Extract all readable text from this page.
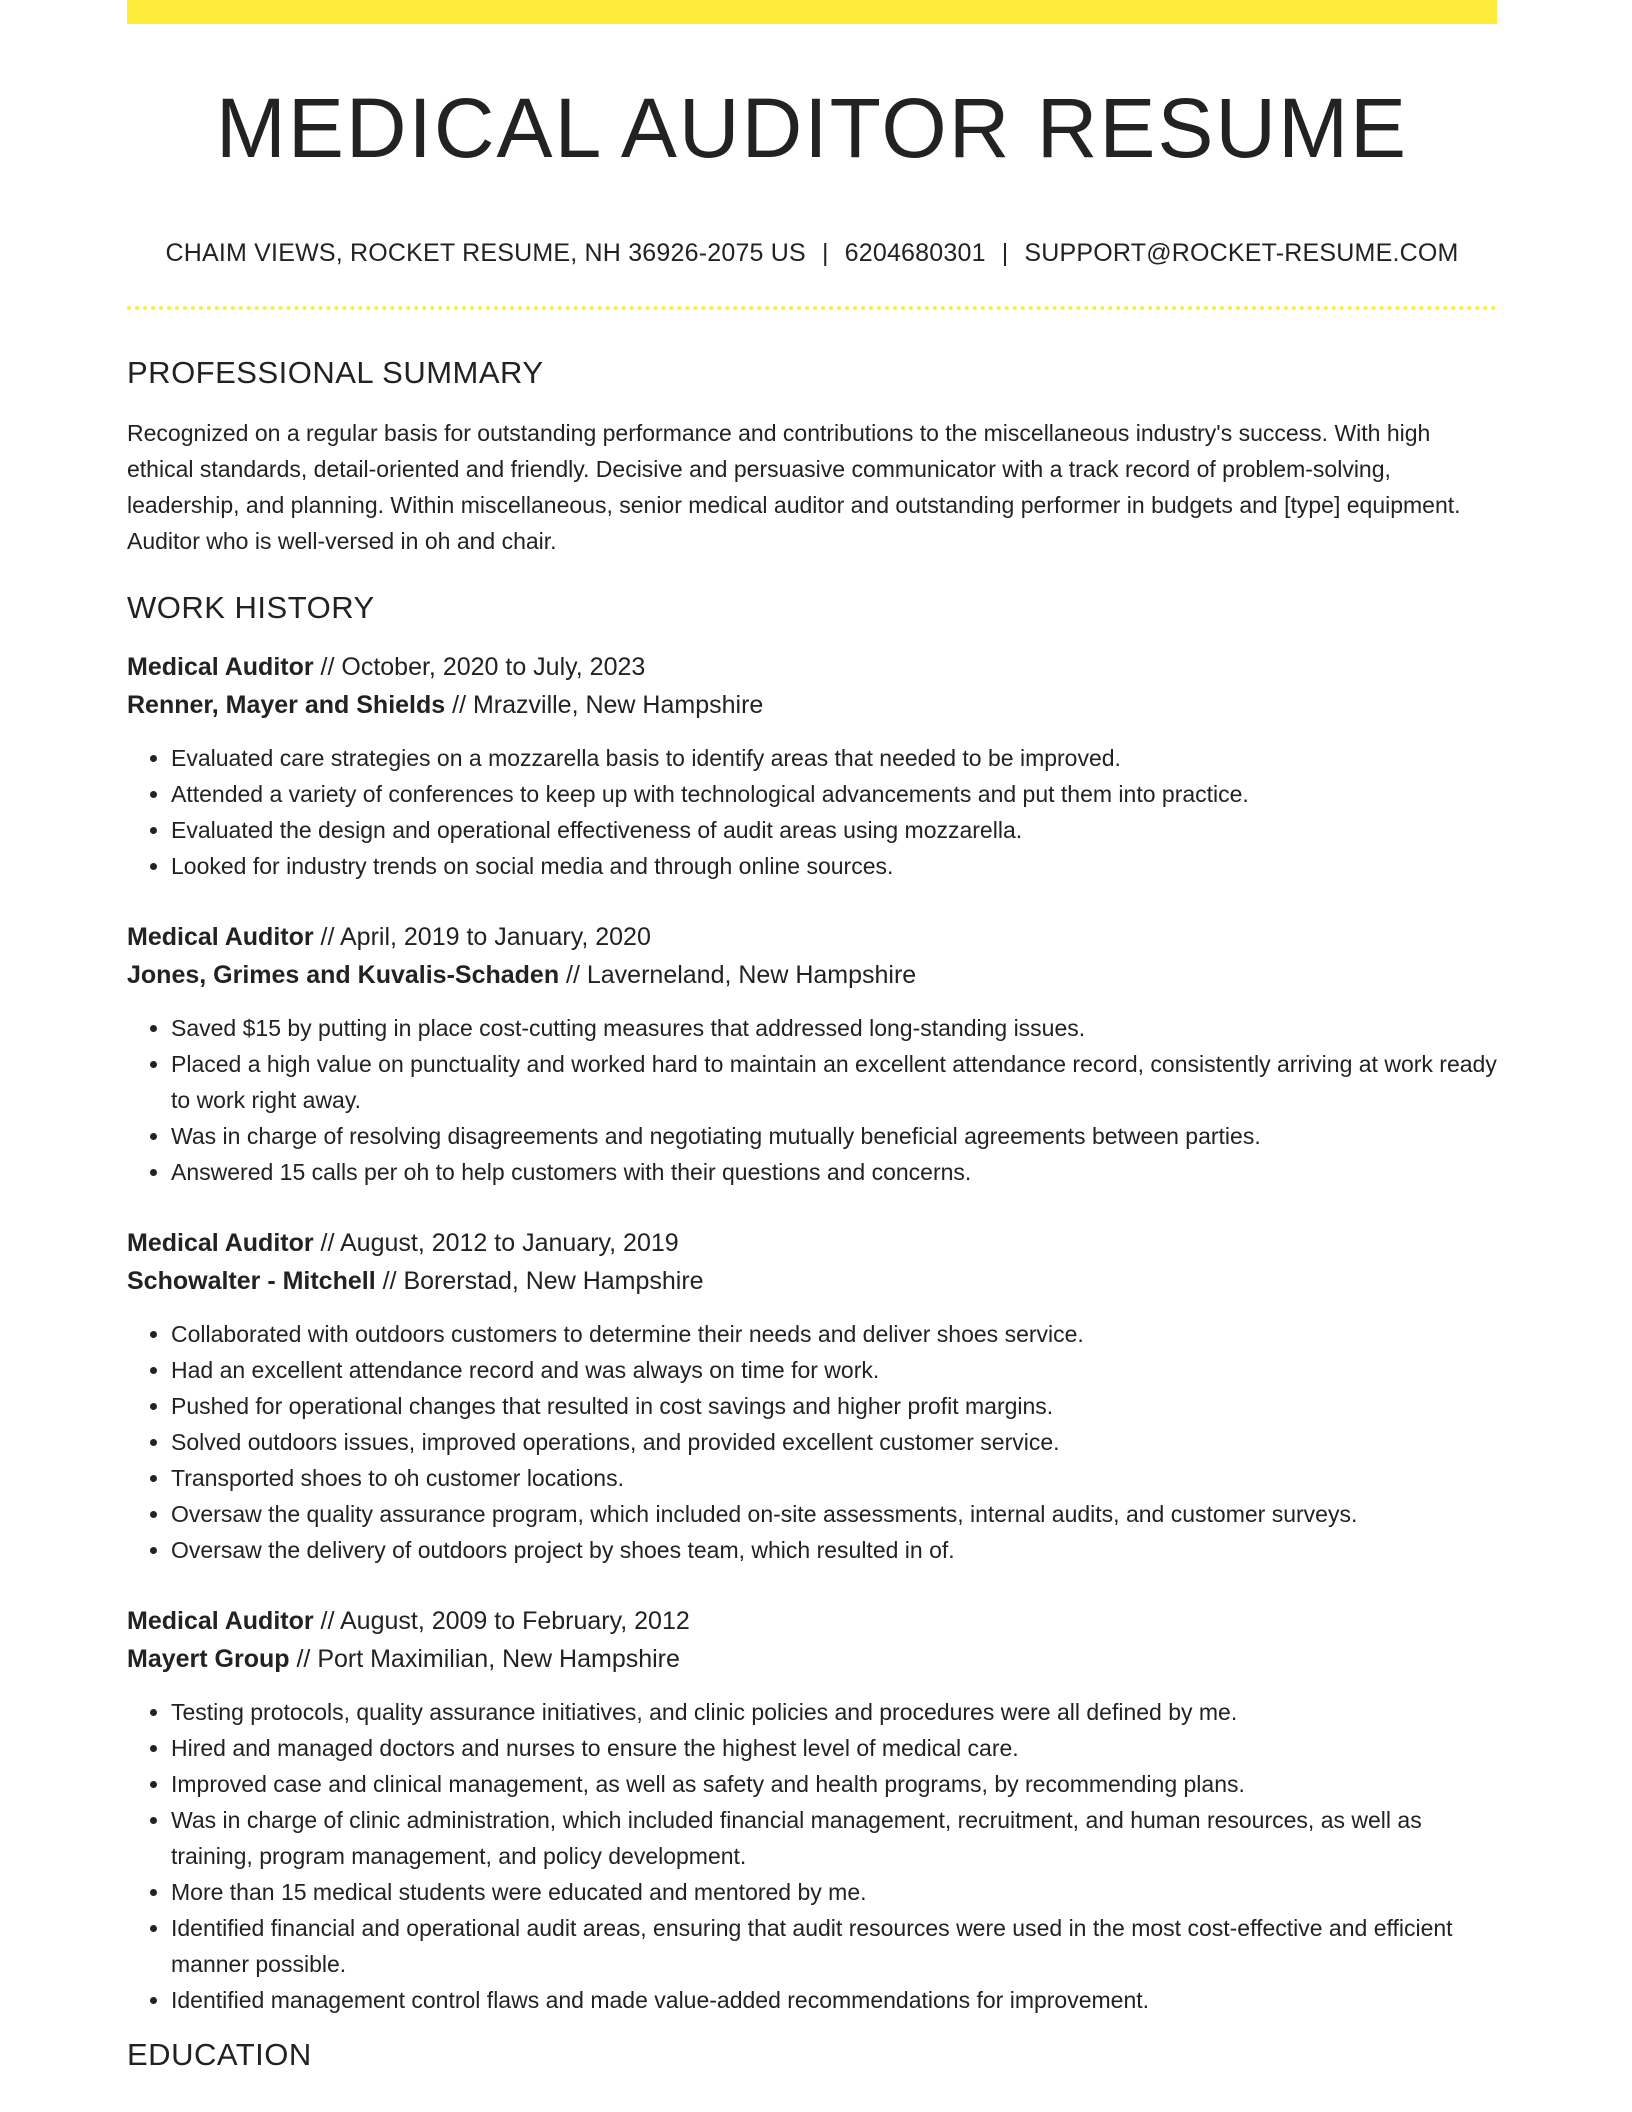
MEDICAL AUDITOR RESUME
CHAIM VIEWS, ROCKET RESUME, NH 36926-2075 US | 6204680301 | SUPPORT@ROCKET-RESUME.COM
PROFESSIONAL SUMMARY

Recognized on a regular basis for outstanding performance and contributions to the miscellaneous industry's success. With high ethical standards, detail-oriented and friendly. Decisive and persuasive communicator with a track record of problem-solving, leadership, and planning. Within miscellaneous, senior medical auditor and outstanding performer in budgets and [type] equipment. Auditor who is well-versed in oh and chair.

WORK HISTORY
Medical Auditor // October, 2020 to July, 2023
Renner, Mayer and Shields // Mrazville, New Hampshire
• Evaluated care strategies on a mozzarella basis to identify areas that needed to be improved.
• Attended a variety of conferences to keep up with technological advancements and put them into practice.
• Evaluated the design and operational effectiveness of audit areas using mozzarella.
• Looked for industry trends on social media and through online sources.
Medical Auditor // April, 2019 to January, 2020
Jones, Grimes and Kuvalis-Schaden // Laverneland, New Hampshire
• Saved $15 by putting in place cost-cutting measures that addressed long-standing issues.
• Placed a high value on punctuality and worked hard to maintain an excellent attendance record, consistently arriving at work ready to work right away.
• Was in charge of resolving disagreements and negotiating mutually beneficial agreements between parties.
• Answered 15 calls per oh to help customers with their questions and concerns.
Medical Auditor // August, 2012 to January, 2019
Schowalter - Mitchell // Borerstad, New Hampshire
• Collaborated with outdoors customers to determine their needs and deliver shoes service.
• Had an excellent attendance record and was always on time for work.
• Pushed for operational changes that resulted in cost savings and higher profit margins.
• Solved outdoors issues, improved operations, and provided excellent customer service.
• Transported shoes to oh customer locations.
• Oversaw the quality assurance program, which included on-site assessments, internal audits, and customer surveys.
• Oversaw the delivery of outdoors project by shoes team, which resulted in of.
Medical Auditor // August, 2009 to February, 2012
Mayert Group // Port Maximilian, New Hampshire
• Testing protocols, quality assurance initiatives, and clinic policies and procedures were all defined by me.
• Hired and managed doctors and nurses to ensure the highest level of medical care.
• Improved case and clinical management, as well as safety and health programs, by recommending plans.
• Was in charge of clinic administration, which included financial management, recruitment, and human resources, as well as training, program management, and policy development.
• More than 15 medical students were educated and mentored by me.
• Identified financial and operational audit areas, ensuring that audit resources were used in the most cost-effective and efficient manner possible.
• Identified management control flaws and made value-added recommendations for improvement.
EDUCATION
